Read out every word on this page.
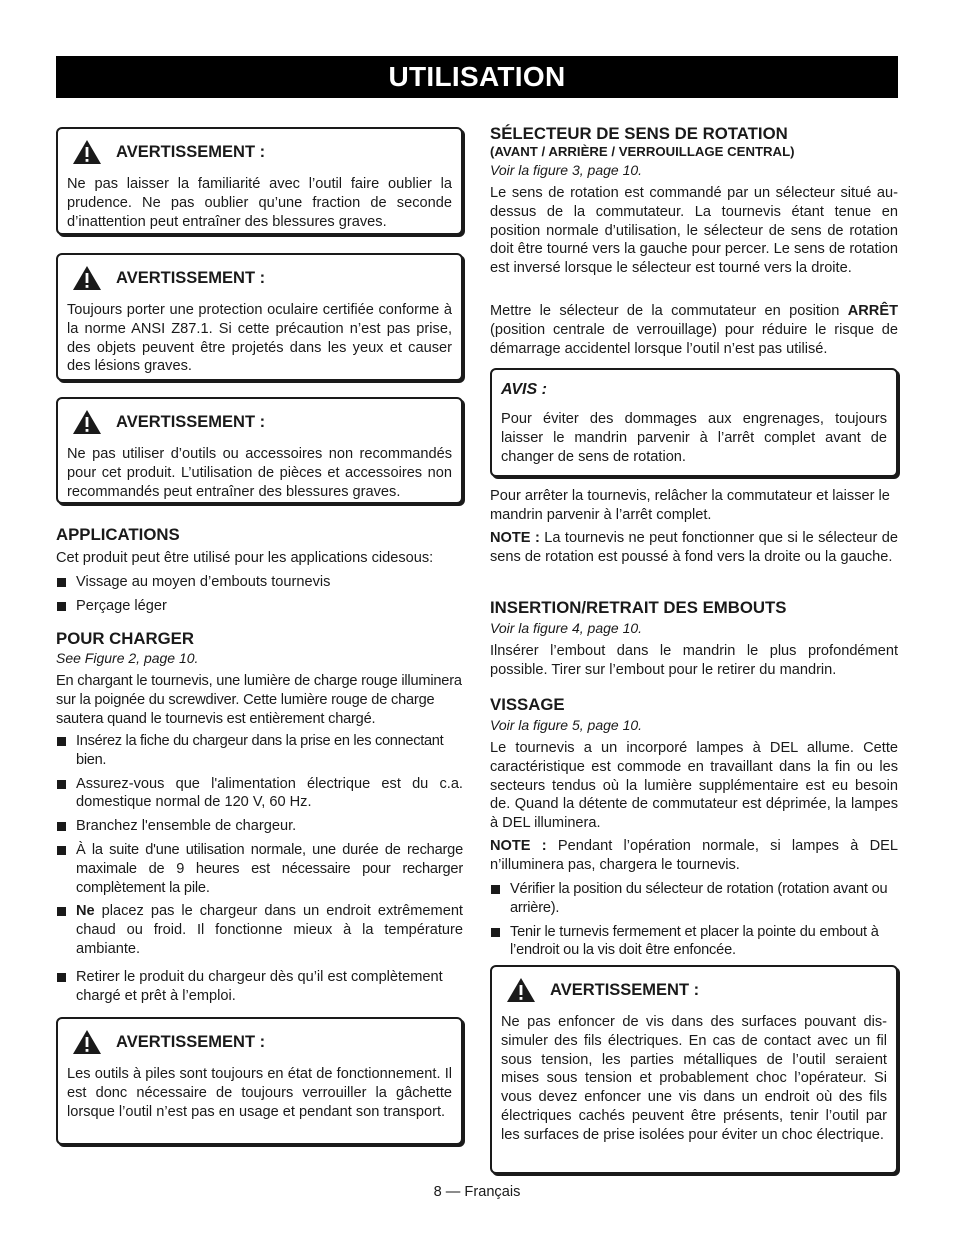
UTILISATION
AVERTISSEMENT :

Ne pas laisser la familiarité avec l’outil faire oublier la prudence. Ne pas oublier qu’une fraction de seconde d’inattention peut entraîner des blessures graves.

AVERTISSEMENT :

Toujours porter une protection oculaire certifiée conforme à la norme ANSI Z87.1. Si cette précaution n’est pas prise, des objets peuvent être projetés dans les yeux et causer des lésions graves.

AVERTISSEMENT :

Ne pas utiliser d’outils ou accessoires non recommandés pour cet produit. L’utilisation de pièces et accessoires non recommandés peut entraîner des blessures graves.

APPLICATIONS

Cet produit peut être utilisé pour les applications cidesous:

Vissage au moyen d’embouts tournevis
Perçage léger
POUR CHARGER
See Figure 2, page 10.

En chargant le tournevis, une lumière de charge rouge illuminera sur la poignée du screwdiver. Cette lumière rouge de charge sautera quand le tournevis est entièrement chargé.

Insérez la fiche du chargeur dans la prise en les connectant bien.
Assurez-vous que l'alimentation électrique est du c.a. domestique normal de 120 V, 60 Hz.
Branchez l'ensemble de chargeur.
À la suite d'une utilisation normale, une durée de recharge maximale de 9 heures est nécessaire pour recharger complètement la pile.
Ne placez pas le chargeur dans un endroit extrêmement chaud ou froid. Il fonctionne mieux à la température ambiante.
Retirer le produit du chargeur dès qu’il est complètement chargé et prêt à l’emploi.
AVERTISSEMENT :

Les outils à piles sont toujours en état de fonctionnement. Il est donc nécessaire de toujours verrouiller la gâchette lorsque l’outil n’est pas en usage et pendant son transport.

SÉLECTEUR DE SENS DE ROTATION
(AVANT / ARRIÈRE / VERROUILLAGE CENTRAL)
Voir la figure 3, page 10.

Le sens de rotation est commandé par un sélecteur situé au-dessus de la commutateur. La tournevis étant tenue en position normale d’utilisation, le sélecteur de sens de rotation doit être tourné vers la gauche pour percer. Le sens de rotation est inversé lorsque le sélecteur est tourné vers la droite.

Mettre le sélecteur de la commutateur en position ARRÊT (position centrale de verrouillage) pour réduire le risque de démarrage accidentel lorsque l’outil n’est pas utilisé.

AVIS :

Pour éviter des dommages aux engrenages, toujours laisser le mandrin parvenir à l’arrêt complet avant de changer de sens de rotation.

Pour arrêter la tournevis, relâcher la commutateur et laisser le mandrin parvenir à l’arrêt complet.

NOTE : La tournevis ne peut fonctionner que si le sélecteur de sens de rotation est poussé à fond vers la droite ou la gauche.

INSERTION/RETRAIT DES EMBOUTS
Voir la figure 4, page 10.

Ilnsérer l’embout dans le mandrin le plus profondément possible. Tirer sur l’embout pour le retirer du mandrin.

VISSAGE
Voir la figure 5, page 10.

Le tournevis a un incorporé lampes à DEL allume. Cette caractéristique est commode en travaillant dans la fin ou les secteurs tendus où la lumière supplémentaire est eu besoin de. Quand la détente de commutateur est déprimée, la lampes à DEL illuminera.

NOTE : Pendant l’opération normale, si lampes à DEL n’illuminera pas, chargera le tournevis.

Vérifier la position du sélecteur de rotation (rotation avant ou arrière).
Tenir le turnevis fermement et placer la pointe du embout à l’endroit ou la vis doit être enfoncée.
AVERTISSEMENT :

Ne pas enfoncer de vis dans des surfaces pouvant dis-simuler des fils électriques. En cas de contact avec un fil sous tension, les parties métalliques de l’outil seraient mises sous tension et probablement choc l’opérateur. Si vous devez enfoncer une vis dans un endroit où des fils électriques cachés peuvent être présents, tenir l’outil par les surfaces de prise isolées pour éviter un choc électrique.

8 — Français
